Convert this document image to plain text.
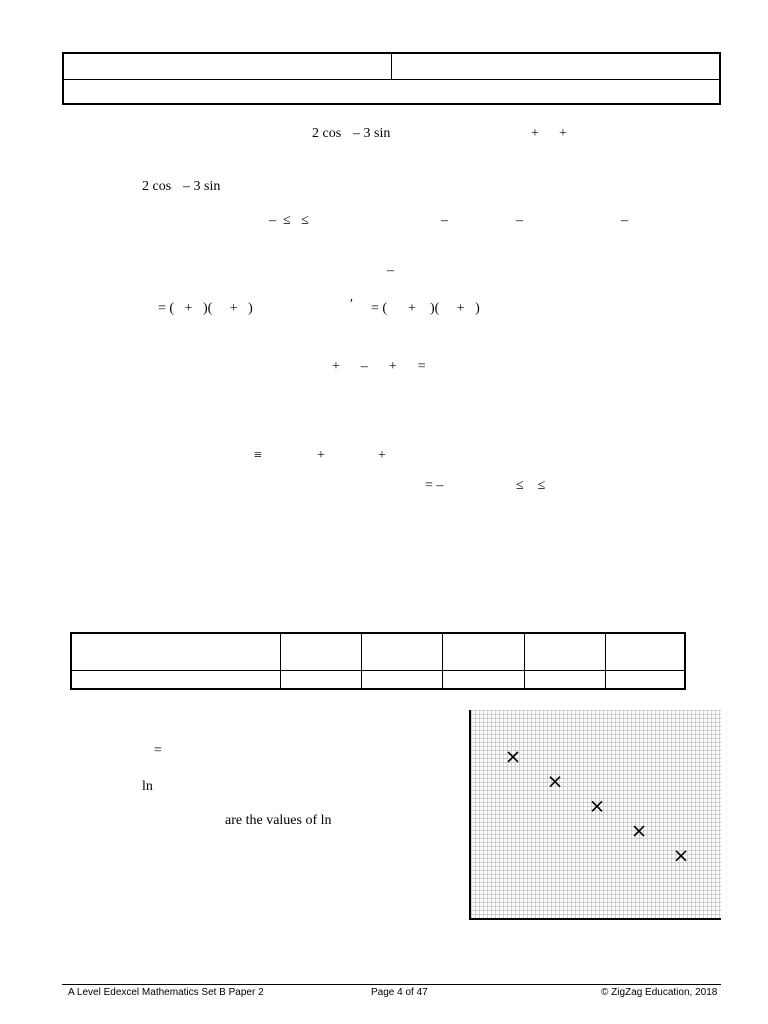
2 cos – 3 sin	+ +
2 cos – 3 sin
–  ≤   ≤	–	–	–
–
= (   +   )(     +   )	′ = (      +    )(     +   )
+      –      +      =
≡	+	+
= –	≤    ≤
=
ln
are the values of ln
A Level Edexcel Mathematics Set B Paper 2	Page 4 of 47	© ZigZag Education, 2018
